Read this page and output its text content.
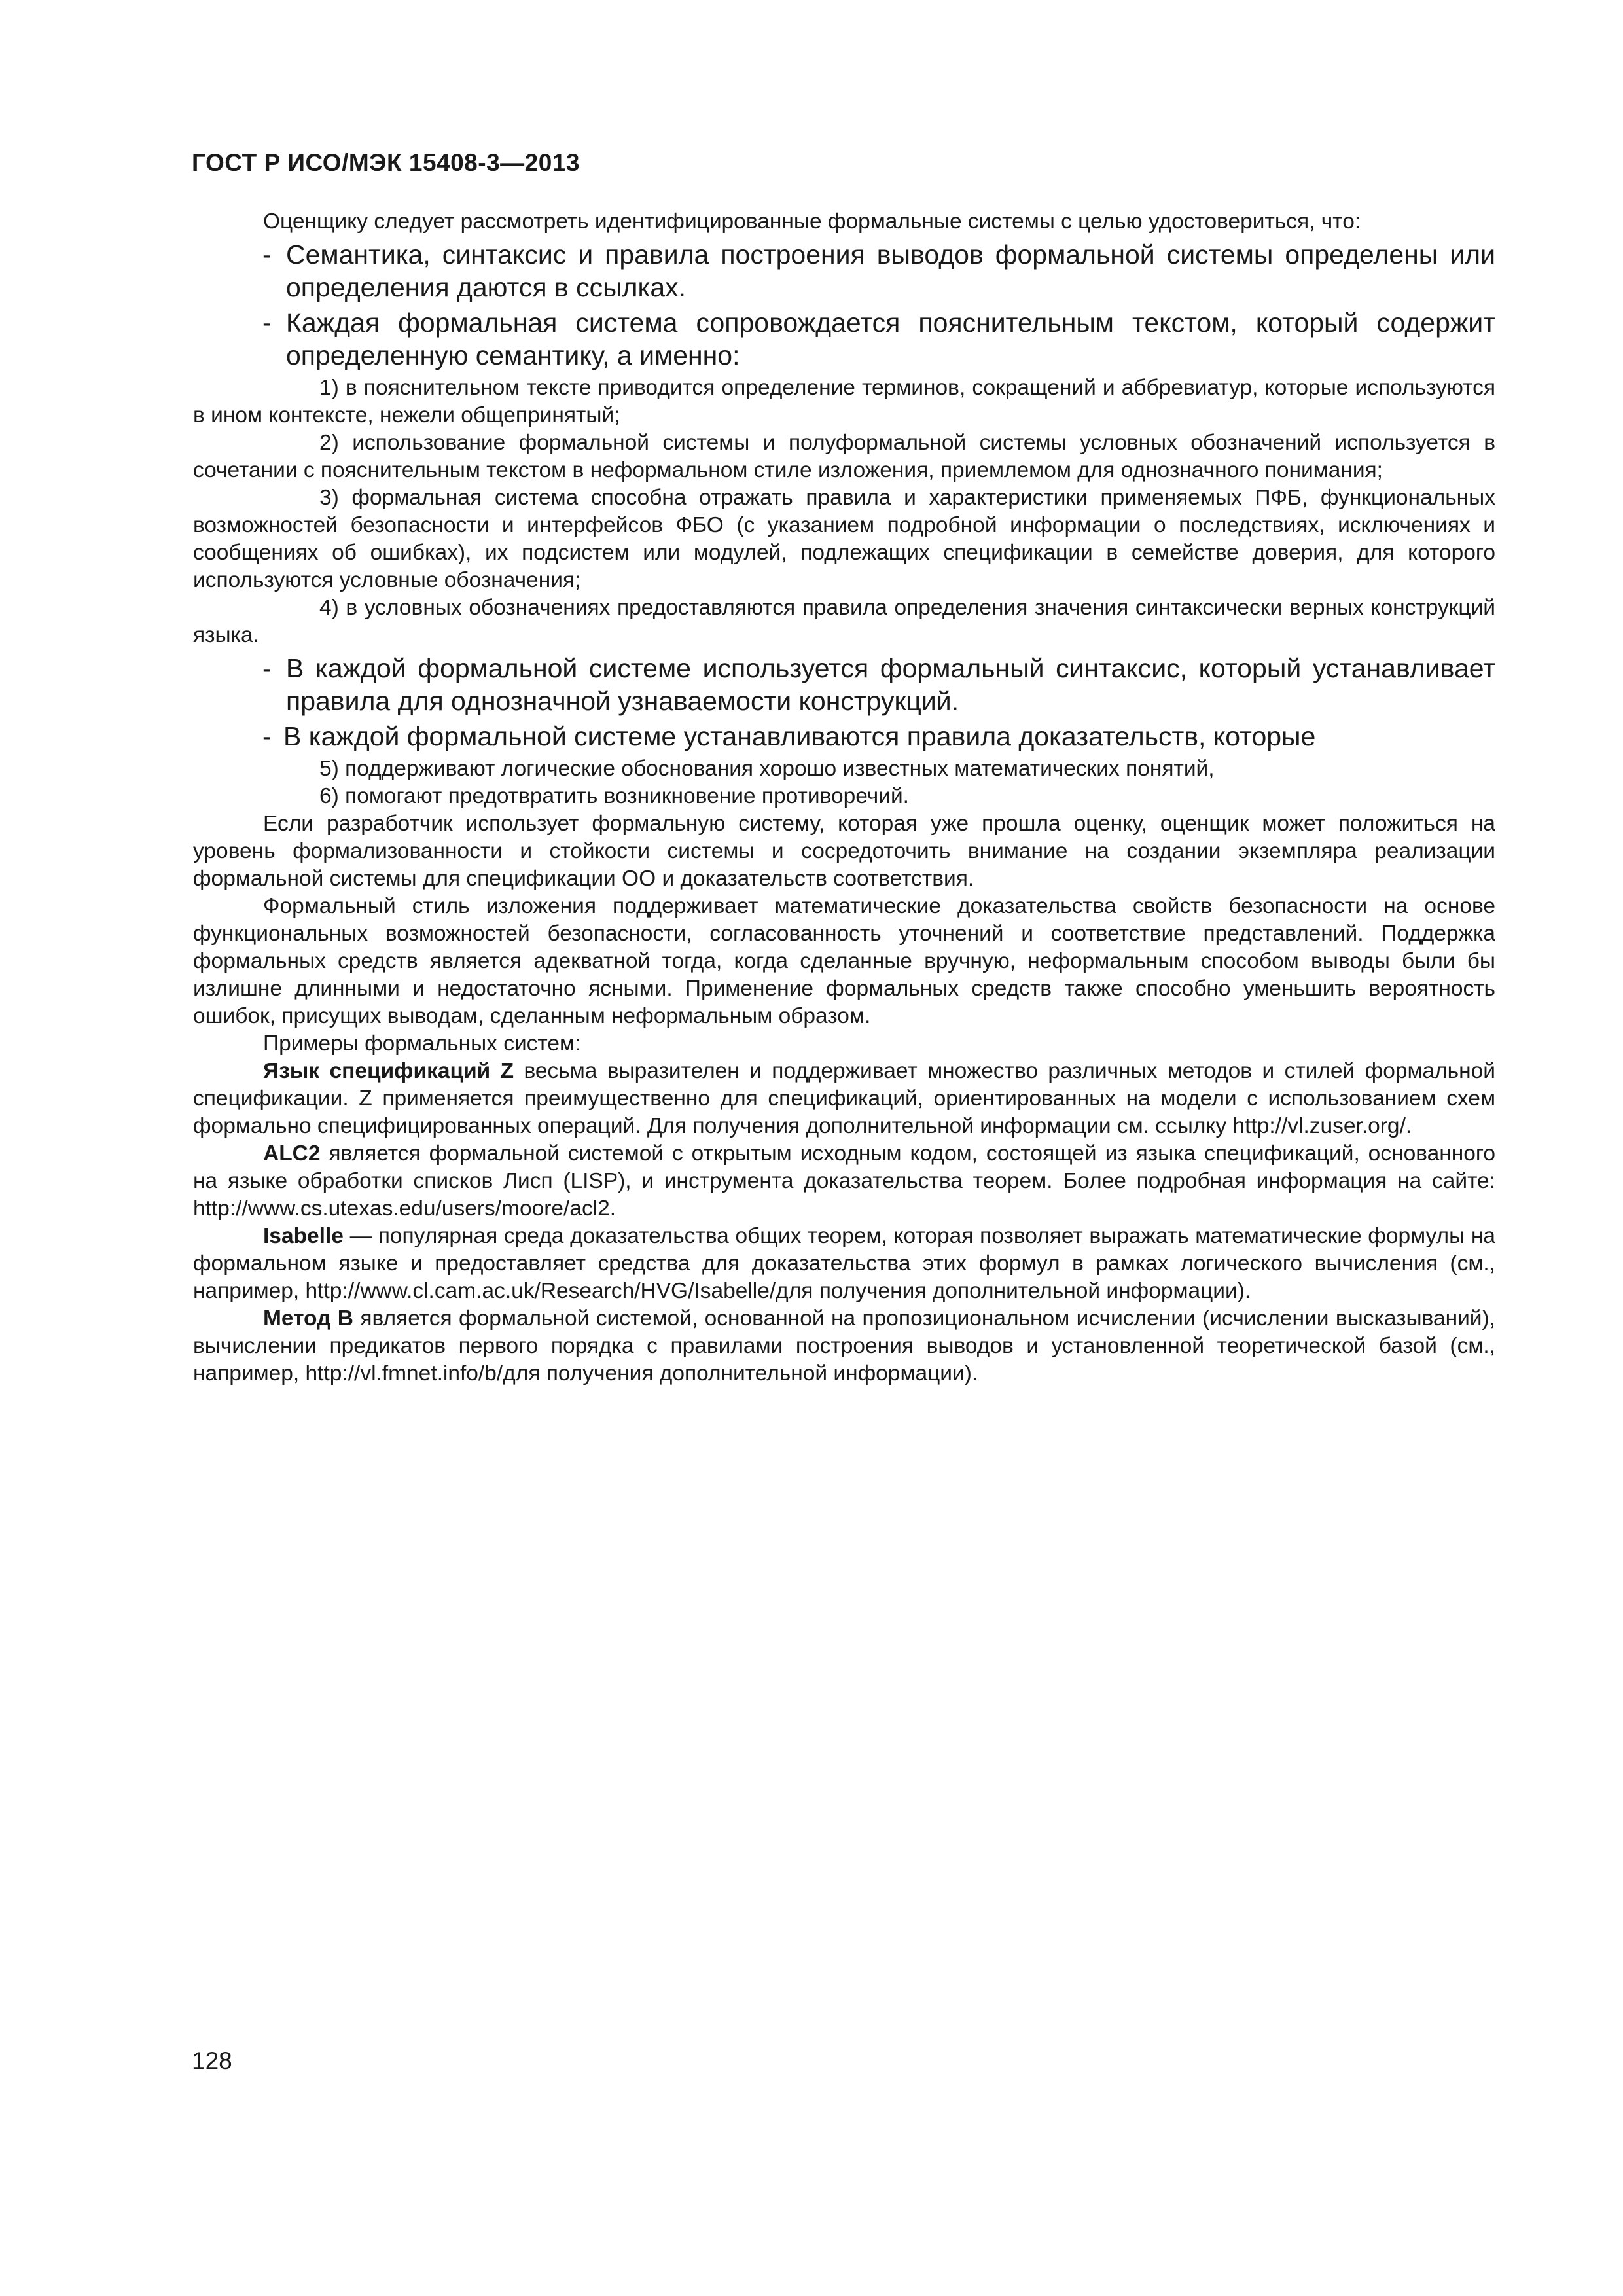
ГОСТ Р ИСО/МЭК 15408-3—2013

Оценщику следует рассмотреть идентифицированные формальные системы с целью удостовериться, что:

- Семантика, синтаксис и правила построения выводов формальной системы определены или определения даются в ссылках.
- Каждая формальная система сопровождается пояснительным текстом, который содержит определенную семантику, а именно:

1) в пояснительном тексте приводится определение терминов, сокращений и аббревиатур, которые используются в ином контексте, нежели общепринятый;

2) использование формальной системы и полуформальной системы условных обозначений используется в сочетании с пояснительным текстом в неформальном стиле изложения, приемлемом для однозначного понимания;

3) формальная система способна отражать правила и характеристики применяемых ПФБ, функциональных возможностей безопасности и интерфейсов ФБО (с указанием подробной информации о последствиях, исключениях и сообщениях об ошибках), их подсистем или модулей, подлежащих спецификации в семействе доверия, для которого используются условные обозначения;

4) в условных обозначениях предоставляются правила определения значения синтаксически верных конструкций языка.

- В каждой формальной системе используется формальный синтаксис, который устанавливает правила для однозначной узнаваемости конструкций.
- В каждой формальной системе устанавливаются правила доказательств, которые

5) поддерживают логические обоснования хорошо известных математических понятий,

6) помогают предотвратить возникновение противоречий.

Если разработчик использует формальную систему, которая уже прошла оценку, оценщик может положиться на уровень формализованности и стойкости системы и сосредоточить внимание на создании экземпляра реализации формальной системы для спецификации ОО и доказательств соответствия.

Формальный стиль изложения поддерживает математические доказательства свойств безопасности на основе функциональных возможностей безопасности, согласованность уточнений и соответствие представлений. Поддержка формальных средств является адекватной тогда, когда сделанные вручную, неформальным способом выводы были бы излишне длинными и недостаточно ясными. Применение формальных средств также способно уменьшить вероятность ошибок, присущих выводам, сделанным неформальным образом.

Примеры формальных систем:

Язык спецификаций Z весьма выразителен и поддерживает множество различных методов и стилей формальной спецификации. Z применяется преимущественно для спецификаций, ориентированных на модели с использованием схем формально специфицированных операций. Для получения дополнительной информации см. ссылку http://vl.zuser.org/.

ALC2 является формальной системой с открытым исходным кодом, состоящей из языка спецификаций, основанного на языке обработки списков Лисп (LISP), и инструмента доказательства теорем. Более подробная информация на сайте: http://www.cs.utexas.edu/users/moore/acl2.

Isabelle — популярная среда доказательства общих теорем, которая позволяет выражать математические формулы на формальном языке и предоставляет средства для доказательства этих формул в рамках логического вычисления (см., например, http://www.cl.cam.ac.uk/Research/HVG/Isabelle/для получения дополнительной информации).

Метод В является формальной системой, основанной на пропозициональном исчислении (исчислении высказываний), вычислении предикатов первого порядка с правилами построения выводов и установленной теоретической базой (см., например, http://vl.fmnet.info/b/для получения дополнительной информации).

128
